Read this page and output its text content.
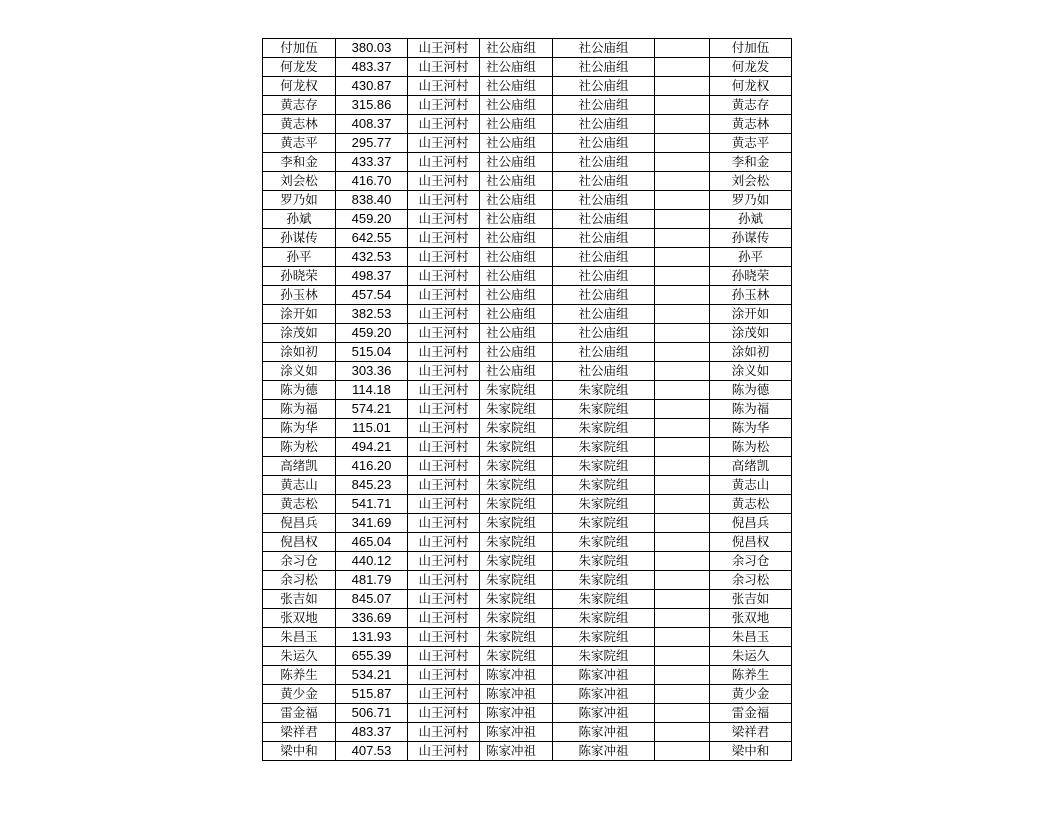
付加伍	380.03	山王河村	社公庙组	社公庙组		付加伍
何龙发	483.37	山王河村	社公庙组	社公庙组		何龙发
何龙权	430.87	山王河村	社公庙组	社公庙组		何龙权
黄志存	315.86	山王河村	社公庙组	社公庙组		黄志存
黄志林	408.37	山王河村	社公庙组	社公庙组		黄志林
黄志平	295.77	山王河村	社公庙组	社公庙组		黄志平
李和金	433.37	山王河村	社公庙组	社公庙组		李和金
刘会松	416.70	山王河村	社公庙组	社公庙组		刘会松
罗乃如	838.40	山王河村	社公庙组	社公庙组		罗乃如
孙斌	459.20	山王河村	社公庙组	社公庙组		孙斌
孙谋传	642.55	山王河村	社公庙组	社公庙组		孙谋传
孙平	432.53	山王河村	社公庙组	社公庙组		孙平
孙晓荣	498.37	山王河村	社公庙组	社公庙组		孙晓荣
孙玉林	457.54	山王河村	社公庙组	社公庙组		孙玉林
涂开如	382.53	山王河村	社公庙组	社公庙组		涂开如
涂茂如	459.20	山王河村	社公庙组	社公庙组		涂茂如
涂如初	515.04	山王河村	社公庙组	社公庙组		涂如初
涂义如	303.36	山王河村	社公庙组	社公庙组		涂义如
陈为德	114.18	山王河村	朱家院组	朱家院组		陈为德
陈为福	574.21	山王河村	朱家院组	朱家院组		陈为福
陈为华	115.01	山王河村	朱家院组	朱家院组		陈为华
陈为松	494.21	山王河村	朱家院组	朱家院组		陈为松
高绪凯	416.20	山王河村	朱家院组	朱家院组		高绪凯
黄志山	845.23	山王河村	朱家院组	朱家院组		黄志山
黄志松	541.71	山王河村	朱家院组	朱家院组		黄志松
倪昌兵	341.69	山王河村	朱家院组	朱家院组		倪昌兵
倪昌权	465.04	山王河村	朱家院组	朱家院组		倪昌权
余习仓	440.12	山王河村	朱家院组	朱家院组		余习仓
余习松	481.79	山王河村	朱家院组	朱家院组		余习松
张吉如	845.07	山王河村	朱家院组	朱家院组		张吉如
张双地	336.69	山王河村	朱家院组	朱家院组		张双地
朱昌玉	131.93	山王河村	朱家院组	朱家院组		朱昌玉
朱运久	655.39	山王河村	朱家院组	朱家院组		朱运久
陈养生	534.21	山王河村	陈家冲祖	陈家冲祖		陈养生
黄少金	515.87	山王河村	陈家冲祖	陈家冲祖		黄少金
雷金福	506.71	山王河村	陈家冲祖	陈家冲祖		雷金福
梁祥君	483.37	山王河村	陈家冲祖	陈家冲祖		梁祥君
梁中和	407.53	山王河村	陈家冲祖	陈家冲祖		梁中和
